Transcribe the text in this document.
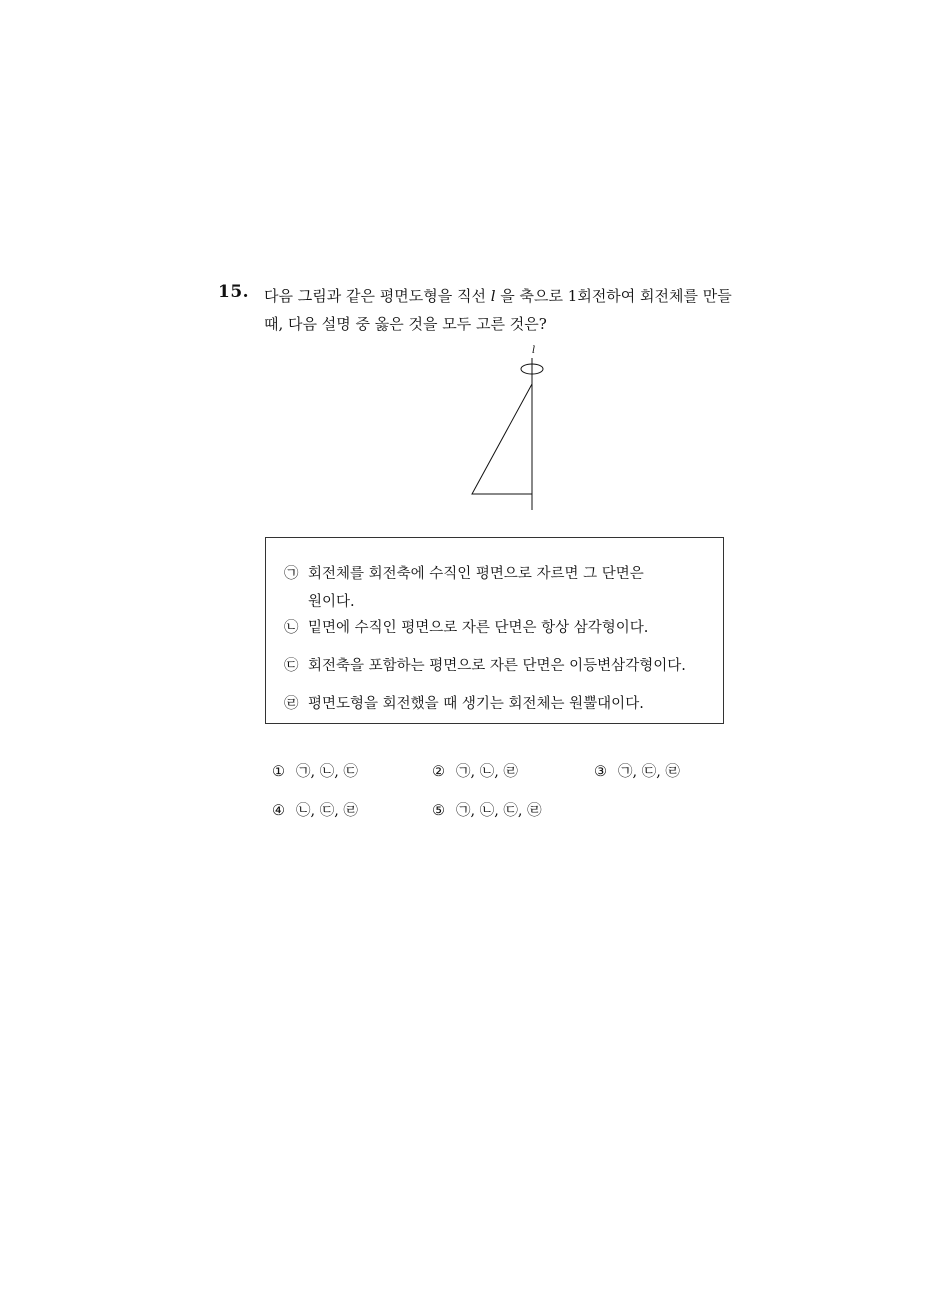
15. 다음 그림과 같은 평면도형을 직선 l 을 축으로 1회전하여 회전체를 만들
때, 다음 설명 중 옳은 것을 모두 고른 것은?
l
㉠ 회전체를 회전축에 수직인 평면으로 자르면 그 단면은
원이다.
㉡ 밑면에 수직인 평면으로 자른 단면은 항상 삼각형이다.
㉢ 회전축을 포함하는 평면으로 자른 단면은 이등변삼각형이다.
㉣ 평면도형을 회전했을 때 생기는 회전체는 원뿔대이다.
① ㉠, ㉡, ㉢	② ㉠, ㉡, ㉣	③ ㉠, ㉢, ㉣
④ ㉡, ㉢, ㉣	⑤ ㉠, ㉡, ㉢, ㉣
